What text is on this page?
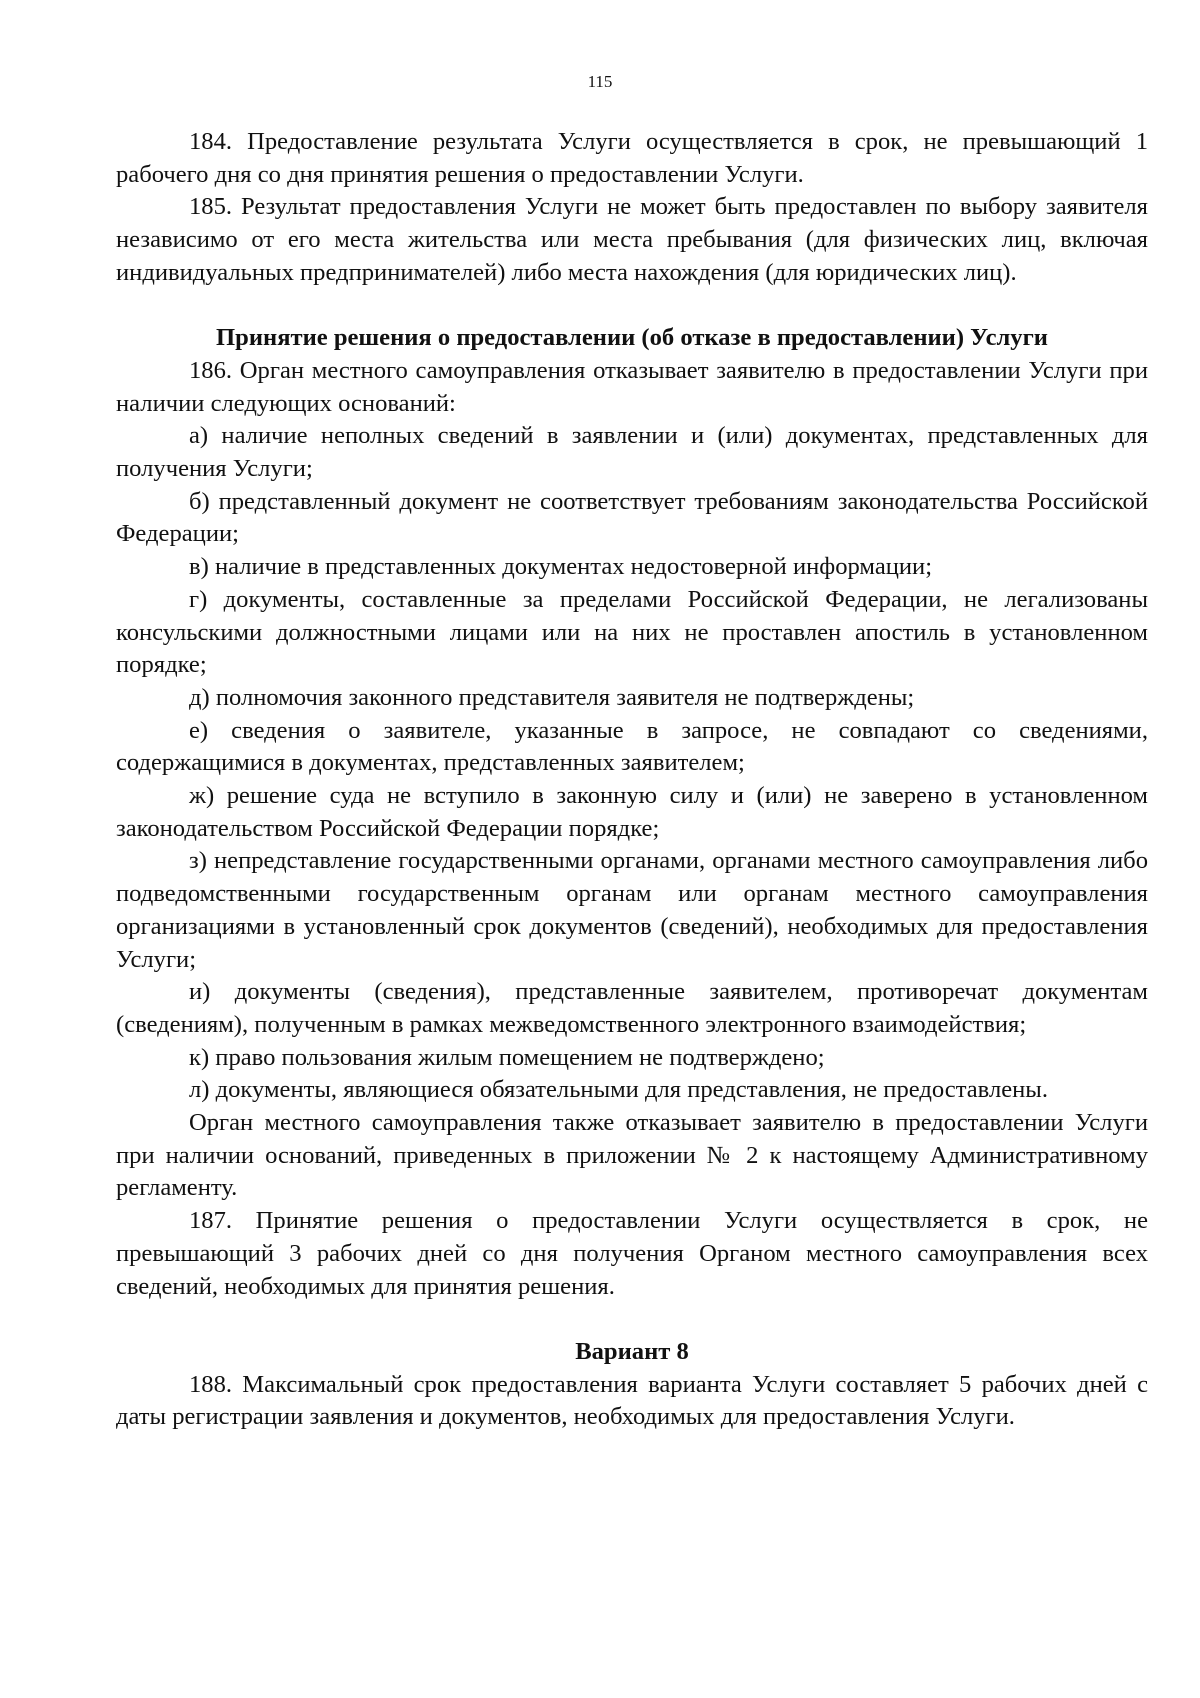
115

184. Предоставление результата Услуги осуществляется в срок, не превышающий 1 рабочего дня со дня принятия решения о предоставлении Услуги.

185. Результат предоставления Услуги не может быть предоставлен по выбору заявителя независимо от его места жительства или места пребывания (для физических лиц, включая индивидуальных предпринимателей) либо места нахождения (для юридических лиц).

Принятие решения о предоставлении (об отказе в предоставлении) Услуги

186. Орган местного самоуправления отказывает заявителю в предоставлении Услуги при наличии следующих оснований:

а) наличие неполных сведений в заявлении и (или) документах, представленных для получения Услуги;

б) представленный документ не соответствует требованиям законодательства Российской Федерации;

в) наличие в представленных документах недостоверной информации;

г) документы, составленные за пределами Российской Федерации, не легализованы консульскими должностными лицами или на них не проставлен апостиль в установленном порядке;

д) полномочия законного представителя заявителя не подтверждены;

е) сведения о заявителе, указанные в запросе, не совпадают со сведениями, содержащимися в документах, представленных заявителем;

ж) решение суда не вступило в законную силу и (или) не заверено в установленном законодательством Российской Федерации порядке;

з) непредставление государственными органами, органами местного самоуправления либо подведомственными государственным органам или органам местного самоуправления организациями в установленный срок документов (сведений), необходимых для предоставления Услуги;

и) документы (сведения), представленные заявителем, противоречат документам (сведениям), полученным в рамках межведомственного электронного взаимодействия;

к) право пользования жилым помещением не подтверждено;

л) документы, являющиеся обязательными для представления, не предоставлены.

Орган местного самоуправления также отказывает заявителю в предоставлении Услуги при наличии оснований, приведенных в приложении № 2 к настоящему Административному регламенту.

187. Принятие решения о предоставлении Услуги осуществляется в срок, не превышающий 3 рабочих дней со дня получения Органом местного самоуправления всех сведений, необходимых для принятия решения.

Вариант 8

188. Максимальный срок предоставления варианта Услуги составляет 5 рабочих дней с даты регистрации заявления и документов, необходимых для предоставления Услуги.
